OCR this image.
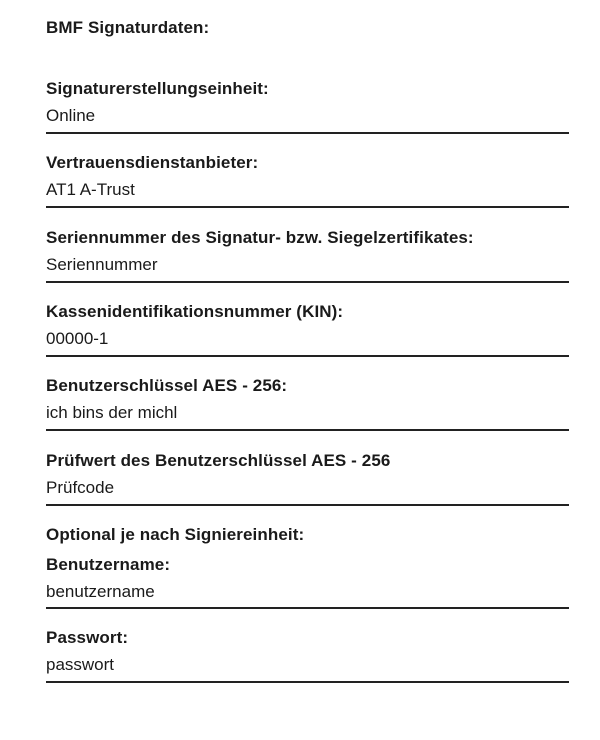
BMF Signaturdaten:
Signaturerstellungseinheit:
Online
Vertrauensdienstanbieter:
AT1 A-Trust
Seriennummer des Signatur- bzw. Siegelzertifikates:
Seriennummer
Kassenidentifikationsnummer (KIN):
00000-1
Benutzerschlüssel AES - 256:
ich bins der michl
Prüfwert des Benutzerschlüssel AES - 256
Prüfcode
Optional je nach Signiereinheit:
Benutzername:
benutzername
Passwort:
passwort
